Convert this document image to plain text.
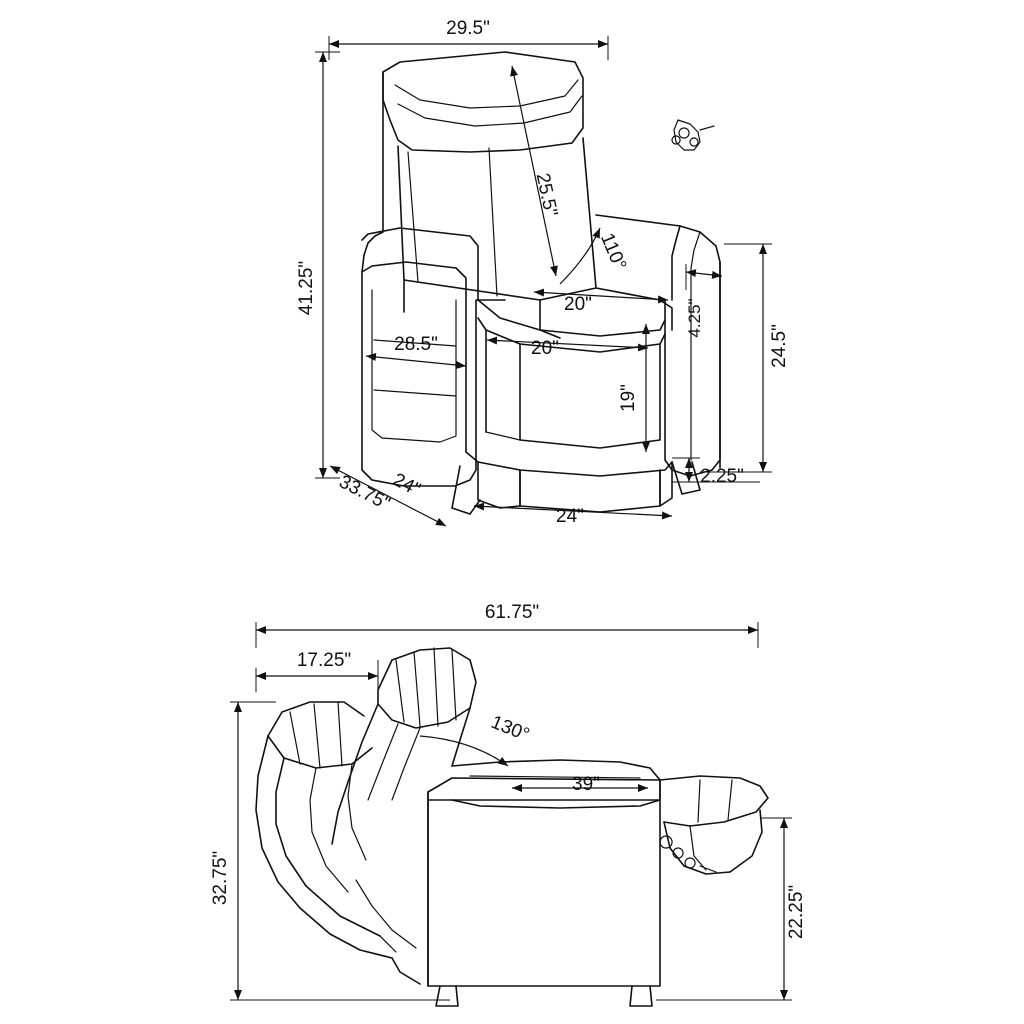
29.5"
41.25"
25.5"
110°
20"
20"
4.25"
24.5"
28.5"
19"
2.25"
24"
33.75"
24"
61.75"
17.25"
130°
39"
32.75"
22.25"
